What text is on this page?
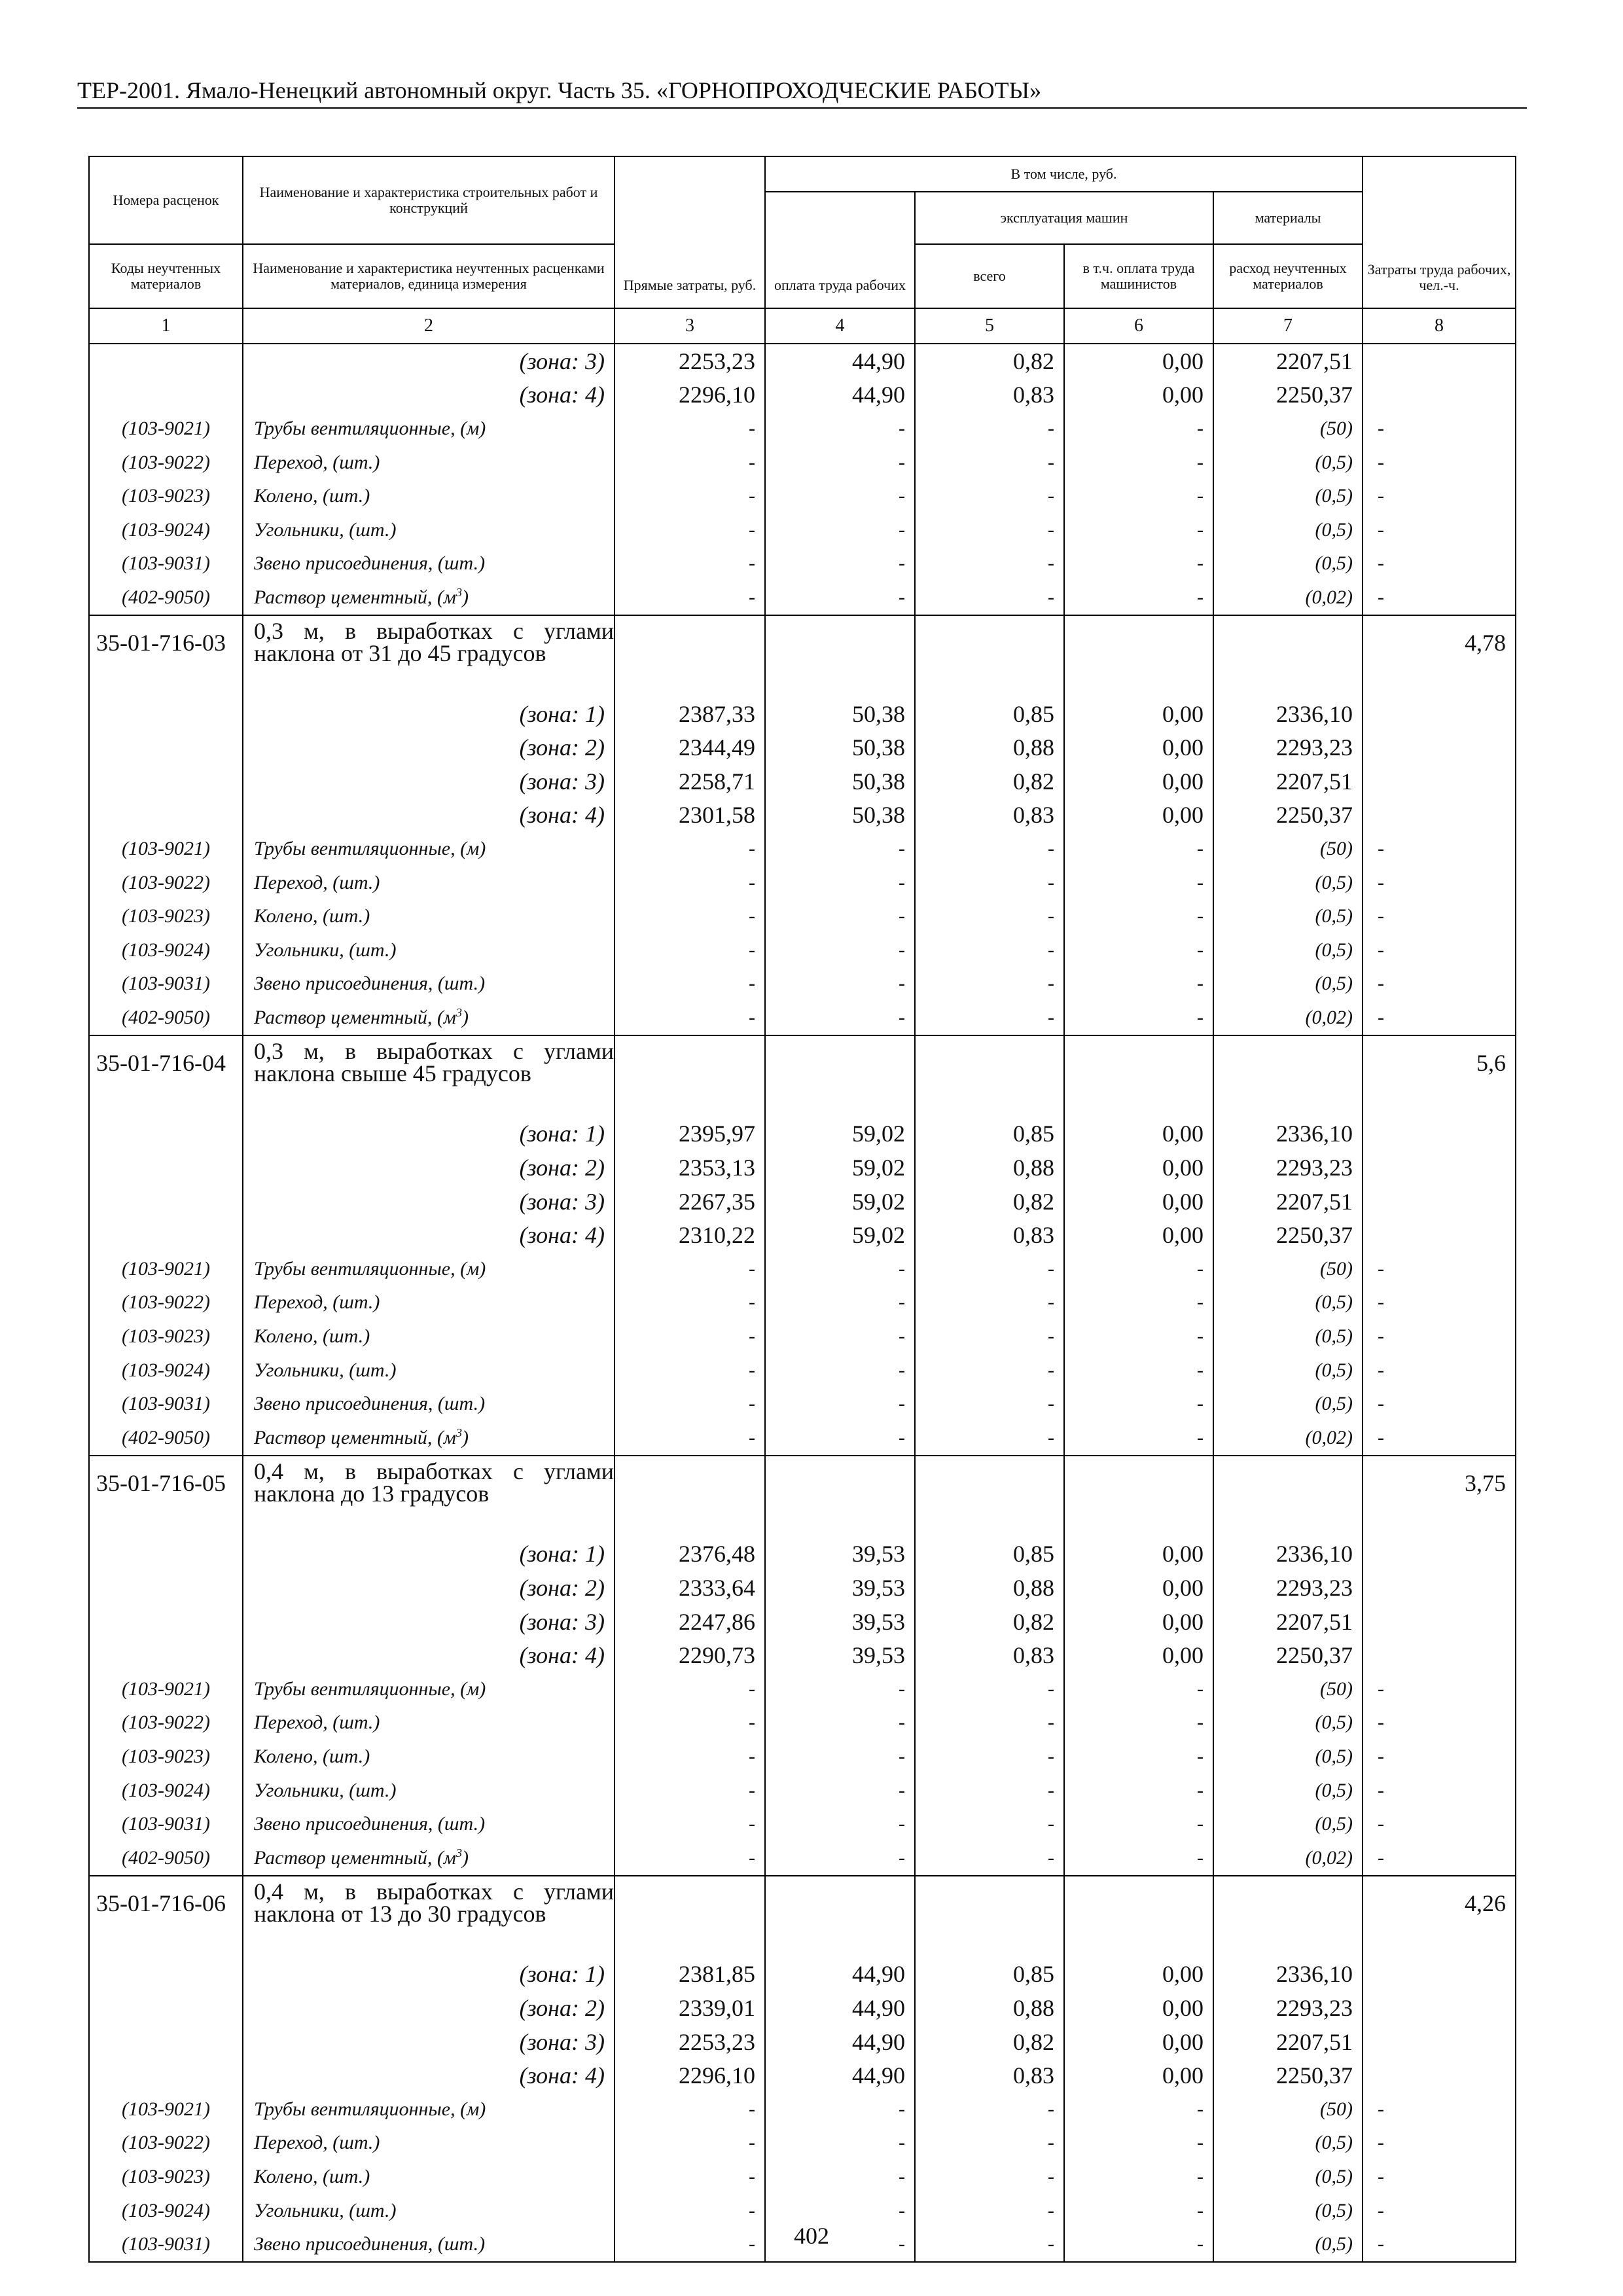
ТЕР-2001. Ямало-Ненецкий автономный округ. Часть 35. «ГОРНОПРОХОДЧЕСКИЕ РАБОТЫ»
Номера расценок	Наименование и характеристика строительных работ и конструкций	Прямые затраты, руб.	В том числе, руб.				Затраты труда рабочих, чел.-ч.
			оплата труда рабочих	эксплуатация машин		материалы	
Коды неучтенных материалов	Наименование и характеристика неучтенных расценками материалов, единица измерения			всего	в т.ч. оплата труда машинистов	расход неучтенных материалов	

1	2	3	4	5	6	7	8
	(зона: 3)	2253,23	44,90	0,82	0,00	2207,51	
	(зона: 4)	2296,10	44,90	0,83	0,00	2250,37	
(103-9021)	Трубы вентиляционные, (м)	-	-	-	-	(50)	-
(103-9022)	Переход, (шт.)	-	-	-	-	(0,5)	-
(103-9023)	Колено, (шт.)	-	-	-	-	(0,5)	-
(103-9024)	Угольники, (шт.)	-	-	-	-	(0,5)	-
(103-9031)	Звено присоединения, (шт.)	-	-	-	-	(0,5)	-
(402-9050)	Раствор цементный, $(м^3)$	-	-	-	-	(0,02)	-
35-01-716-03	0,3 м, в выработках с углами наклона от 31 до 45 градусов						4,78
	(зона: 1)	2387,33	50,38	0,85	0,00	2336,10	
	(зона: 2)	2344,49	50,38	0,88	0,00	2293,23	
	(зона: 3)	2258,71	50,38	0,82	0,00	2207,51	
	(зона: 4)	2301,58	50,38	0,83	0,00	2250,37	
(103-9021)	Трубы вентиляционные, (м)	-	-	-	-	(50)	-
(103-9022)	Переход, (шт.)	-	-	-	-	(0,5)	-
(103-9023)	Колено, (шт.)	-	-	-	-	(0,5)	-
(103-9024)	Угольники, (шт.)	-	-	-	-	(0,5)	-
(103-9031)	Звено присоединения, (шт.)	-	-	-	-	(0,5)	-
(402-9050)	Раствор цементный, $(м^3)$	-	-	-	-	(0,02)	-
35-01-716-04	0,3 м, в выработках с углами наклона свыше 45 градусов						5,6
	(зона: 1)	2395,97	59,02	0,85	0,00	2336,10	
	(зона: 2)	2353,13	59,02	0,88	0,00	2293,23	
	(зона: 3)	2267,35	59,02	0,82	0,00	2207,51	
	(зона: 4)	2310,22	59,02	0,83	0,00	2250,37	
(103-9021)	Трубы вентиляционные, (м)	-	-	-	-	(50)	-
(103-9022)	Переход, (шт.)	-	-	-	-	(0,5)	-
(103-9023)	Колено, (шт.)	-	-	-	-	(0,5)	-
(103-9024)	Угольники, (шт.)	-	-	-	-	(0,5)	-
(103-9031)	Звено присоединения, (шт.)	-	-	-	-	(0,5)	-
(402-9050)	Раствор цементный, $(м^3)$	-	-	-	-	(0,02)	-
35-01-716-05	0,4 м, в выработках с углами наклона до 13 градусов						3,75
	(зона: 1)	2376,48	39,53	0,85	0,00	2336,10	
	(зона: 2)	2333,64	39,53	0,88	0,00	2293,23	
	(зона: 3)	2247,86	39,53	0,82	0,00	2207,51	
	(зона: 4)	2290,73	39,53	0,83	0,00	2250,37	
(103-9021)	Трубы вентиляционные, (м)	-	-	-	-	(50)	-
(103-9022)	Переход, (шт.)	-	-	-	-	(0,5)	-
(103-9023)	Колено, (шт.)	-	-	-	-	(0,5)	-
(103-9024)	Угольники, (шт.)	-	-	-	-	(0,5)	-
(103-9031)	Звено присоединения, (шт.)	-	-	-	-	(0,5)	-
(402-9050)	Раствор цементный, $(м^3)$	-	-	-	-	(0,02)	-
35-01-716-06	0,4 м, в выработках с углами наклона от 13 до 30 градусов						4,26
	(зона: 1)	2381,85	44,90	0,85	0,00	2336,10	
	(зона: 2)	2339,01	44,90	0,88	0,00	2293,23	
	(зона: 3)	2253,23	44,90	0,82	0,00	2207,51	
	(зона: 4)	2296,10	44,90	0,83	0,00	2250,37	
(103-9021)	Трубы вентиляционные, (м)	-	-	-	-	(50)	-
(103-9022)	Переход, (шт.)	-	-	-	-	(0,5)	-
(103-9023)	Колено, (шт.)	-	-	-	-	(0,5)	-
(103-9024)	Угольники, (шт.)	-	-	-	-	(0,5)	-
(103-9031)	Звено присоединения, (шт.)	-	-	-	-	(0,5)	-
402
